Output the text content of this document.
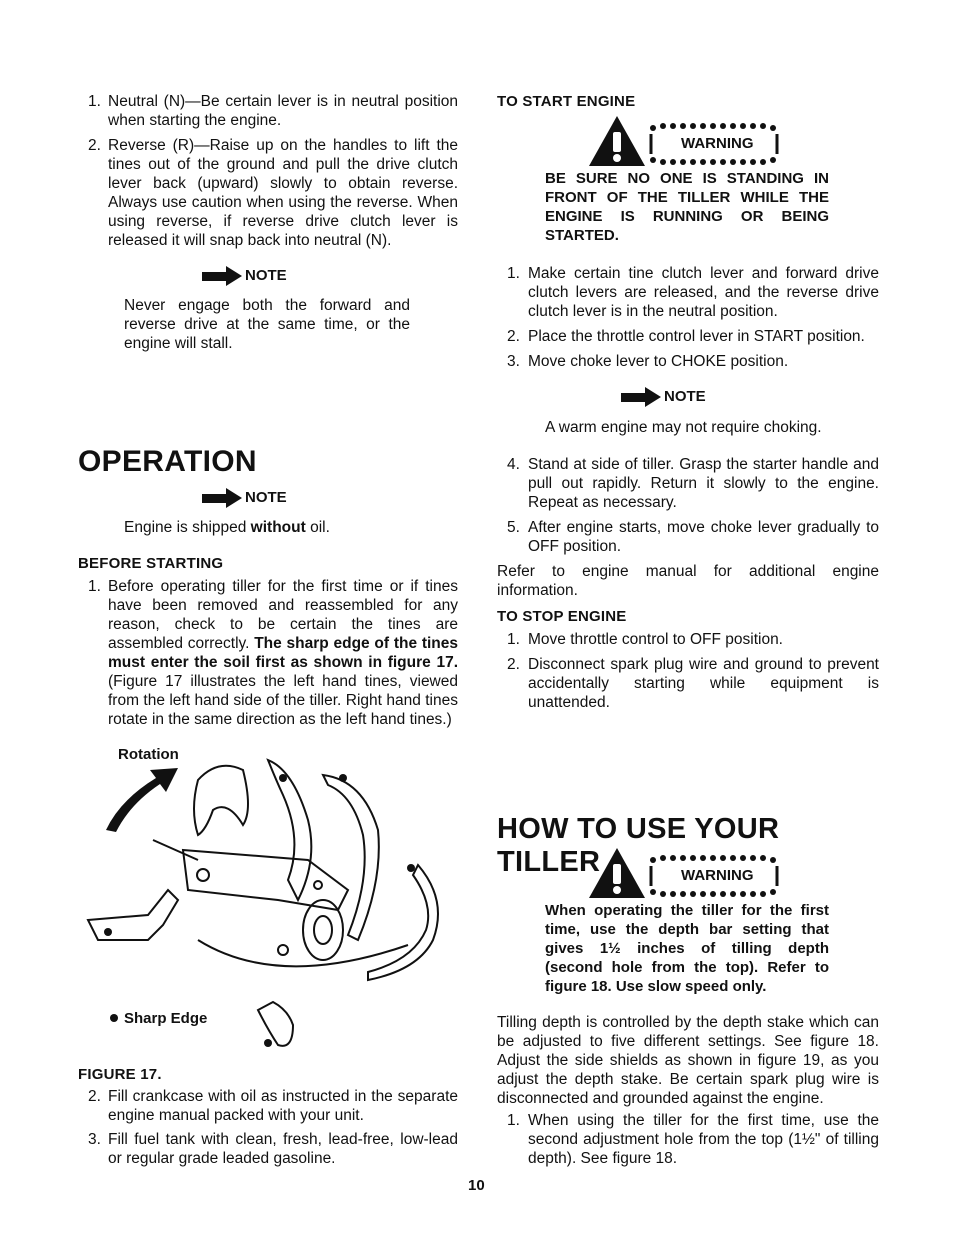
1. Neutral (N)—Be certain lever is in neutral position when starting the engine.
2. Reverse (R)—Raise up on the handles to lift the tines out of the ground and pull the drive clutch lever back (upward) slowly to obtain reverse. Always use caution when using the reverse. When using reverse, if reverse drive clutch lever is released it will snap back into neutral (N).
NOTE

Never engage both the forward and reverse drive at the same time, or the engine will stall.

OPERATION
NOTE

Engine is shipped without oil.

BEFORE STARTING
1. Before operating tiller for the first time or if tines have been removed and reassembled for any reason, check to be certain the tines are assembled correctly. The sharp edge of the tines must enter the soil first as shown in figure 17. (Figure 17 illustrates the left hand tines, viewed from the left hand side of the tiller. Right hand tines rotate in the same direction as the left hand tines.)
Rotation
Sharp Edge
FIGURE 17.
2. Fill crankcase with oil as instructed in the separate engine manual packed with your unit.
3. Fill fuel tank with clean, fresh, lead-free, low-lead or regular grade leaded gasoline.
TO START ENGINE
WARNING

BE SURE NO ONE IS STANDING IN FRONT OF THE TILLER WHILE THE ENGINE IS RUNNING OR BEING STARTED.

1. Make certain tine clutch lever and forward drive clutch levers are released, and the reverse drive clutch lever is in the neutral position.
2. Place the throttle control lever in START position.
3. Move choke lever to CHOKE position.
NOTE

A warm engine may not require choking.

4. Stand at side of tiller. Grasp the starter handle and pull out rapidly. Return it slowly to the engine. Repeat as necessary.
5. After engine starts, move choke lever gradually to OFF position.

Refer to engine manual for additional engine information.

TO STOP ENGINE
1. Move throttle control to OFF position.
2. Disconnect spark plug wire and ground to prevent accidentally starting while equipment is unattended.
HOW TO USE YOUR TILLER	WARNING

When operating the tiller for the first time, use the depth bar setting that gives 1½ inches of tilling depth (second hole from the top). Refer to figure 18. Use slow speed only.

Tilling depth is controlled by the depth stake which can be adjusted to five different settings. See figure 18. Adjust the side shields as shown in figure 19, as you adjust the depth stake. Be certain spark plug wire is disconnected and grounded against the engine.

1. When using the tiller for the first time, use the second adjustment hole from the top (1½" of tilling depth). See figure 18.
10
